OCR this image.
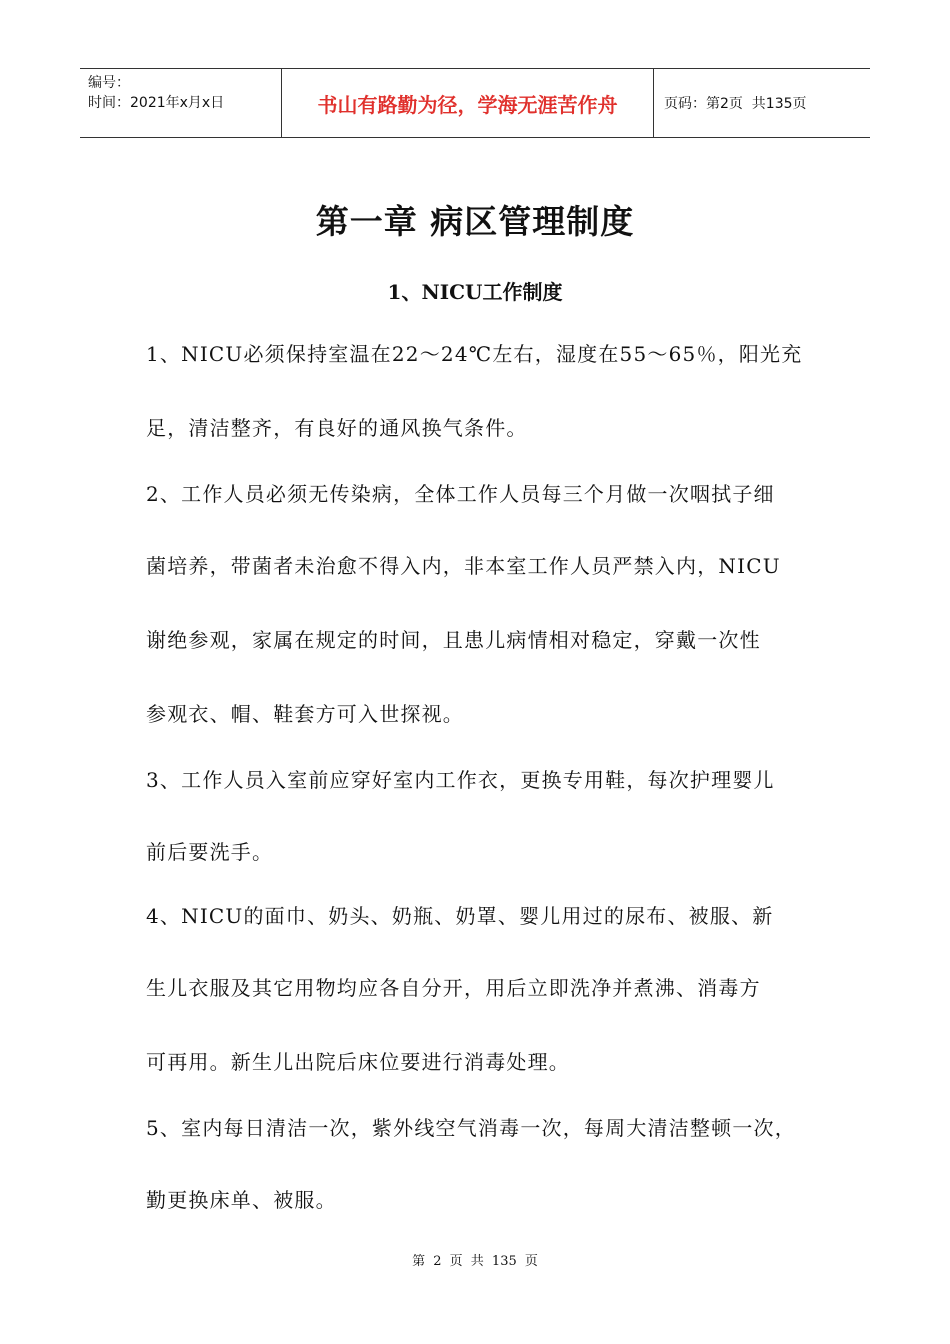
编号：
时间：2021年x月x日	书山有路勤为径，学海无涯苦作舟	页码：第2页  共135页
第一章 病区管理制度
1、NICU工作制度
1、NICU必须保持室温在22～24℃左右，湿度在55～65％，阳光充
足，清洁整齐，有良好的通风换气条件。
2、工作人员必须无传染病，全体工作人员每三个月做一次咽拭子细
菌培养，带菌者未治愈不得入内，非本室工作人员严禁入内，NICU
谢绝参观，家属在规定的时间，且患儿病情相对稳定，穿戴一次性
参观衣、帽、鞋套方可入世探视。
3、工作人员入室前应穿好室内工作衣，更换专用鞋，每次护理婴儿
前后要洗手。
4、NICU的面巾、奶头、奶瓶、奶罩、婴儿用过的尿布、被服、新
生儿衣服及其它用物均应各自分开，用后立即洗净并煮沸、消毒方
可再用。新生儿出院后床位要进行消毒处理。
5、室内每日清洁一次，紫外线空气消毒一次，每周大清洁整顿一次，
勤更换床单、被服。
第 2 页 共 135 页
